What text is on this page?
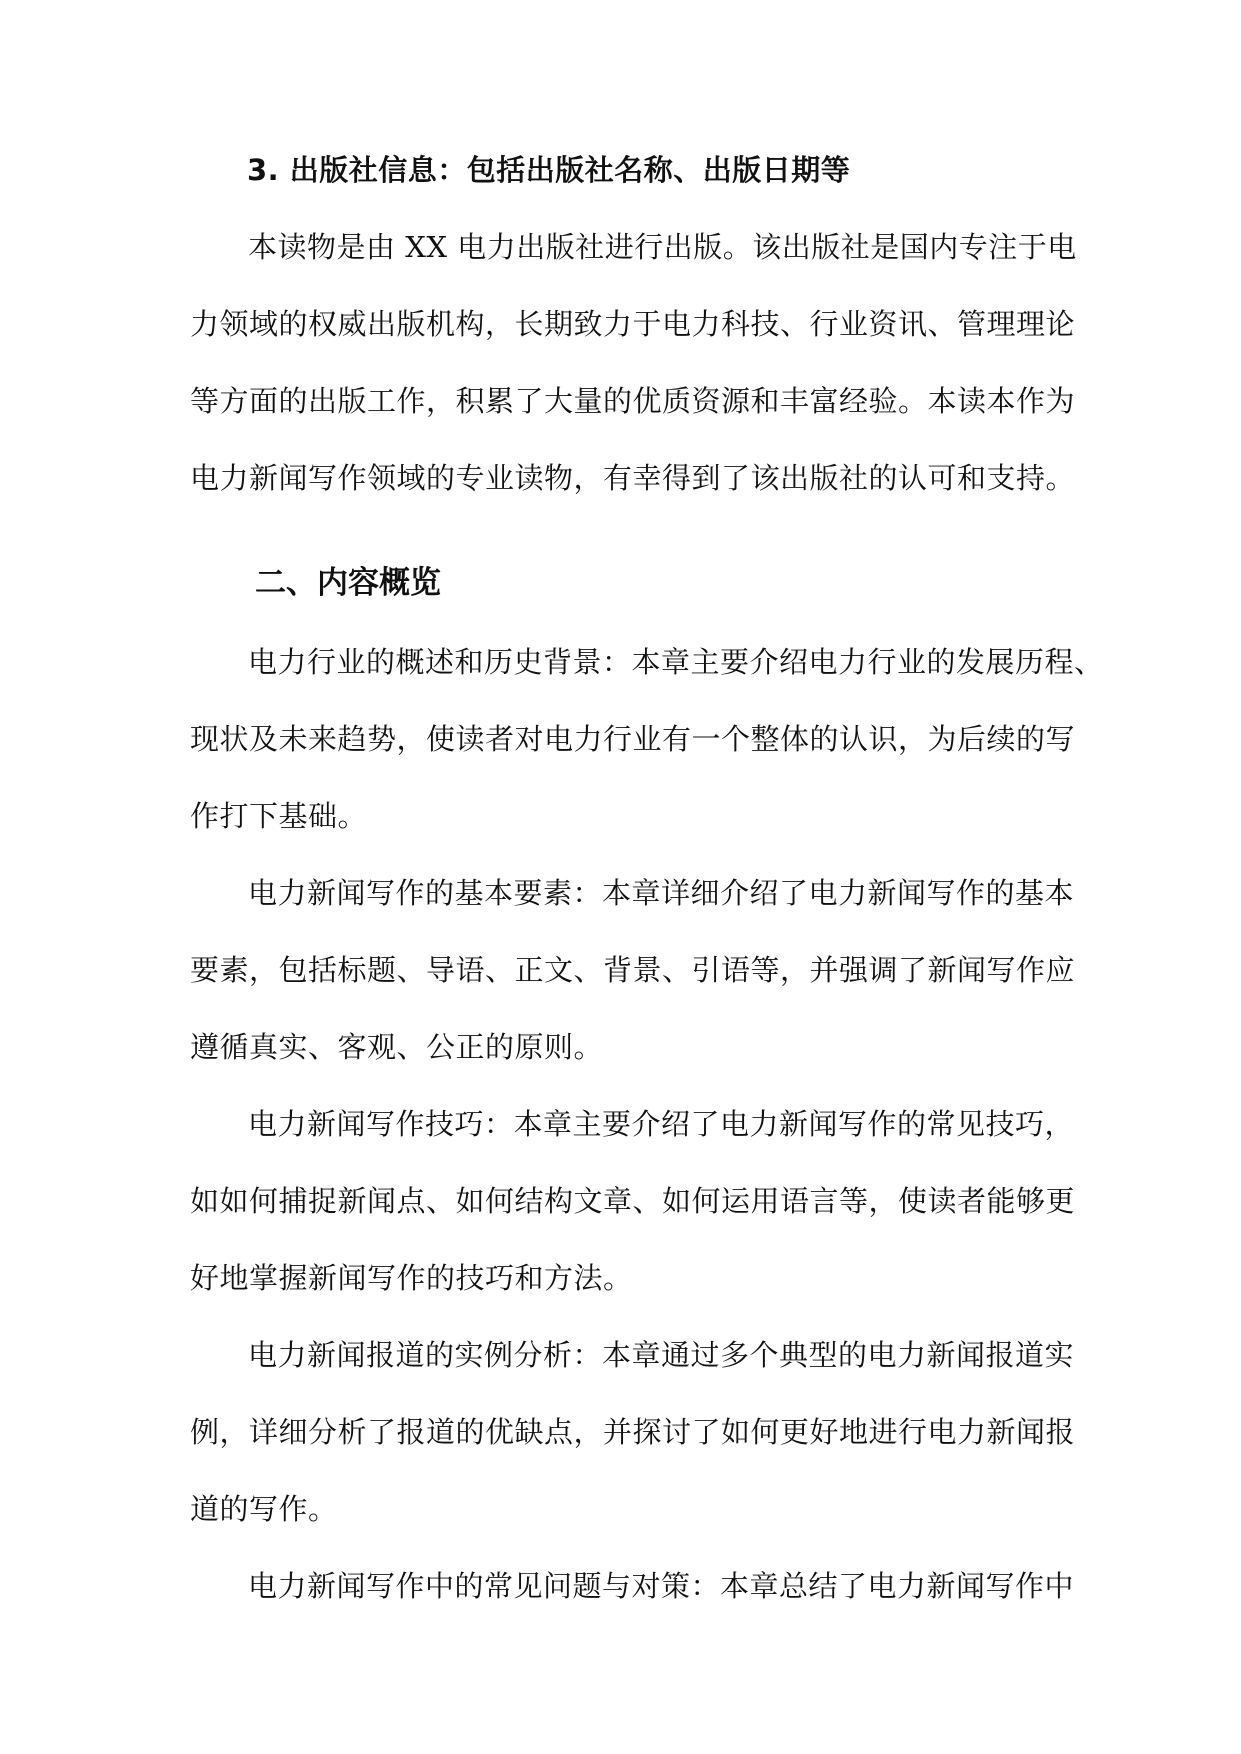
3. 出版社信息：包括出版社名称、出版日期等
本读物是由 XX 电力出版社进行出版。该出版社是国内专注于电
力领域的权威出版机构，长期致力于电力科技、行业资讯、管理理论
等方面的出版工作，积累了大量的优质资源和丰富经验。本读本作为
电力新闻写作领域的专业读物，有幸得到了该出版社的认可和支持。
二、内容概览
电力行业的概述和历史背景：本章主要介绍电力行业的发展历程、
现状及未来趋势，使读者对电力行业有一个整体的认识，为后续的写
作打下基础。
电力新闻写作的基本要素：本章详细介绍了电力新闻写作的基本
要素，包括标题、导语、正文、背景、引语等，并强调了新闻写作应
遵循真实、客观、公正的原则。
电力新闻写作技巧：本章主要介绍了电力新闻写作的常见技巧，
如如何捕捉新闻点、如何结构文章、如何运用语言等，使读者能够更
好地掌握新闻写作的技巧和方法。
电力新闻报道的实例分析：本章通过多个典型的电力新闻报道实
例，详细分析了报道的优缺点，并探讨了如何更好地进行电力新闻报
道的写作。
电力新闻写作中的常见问题与对策：本章总结了电力新闻写作中
